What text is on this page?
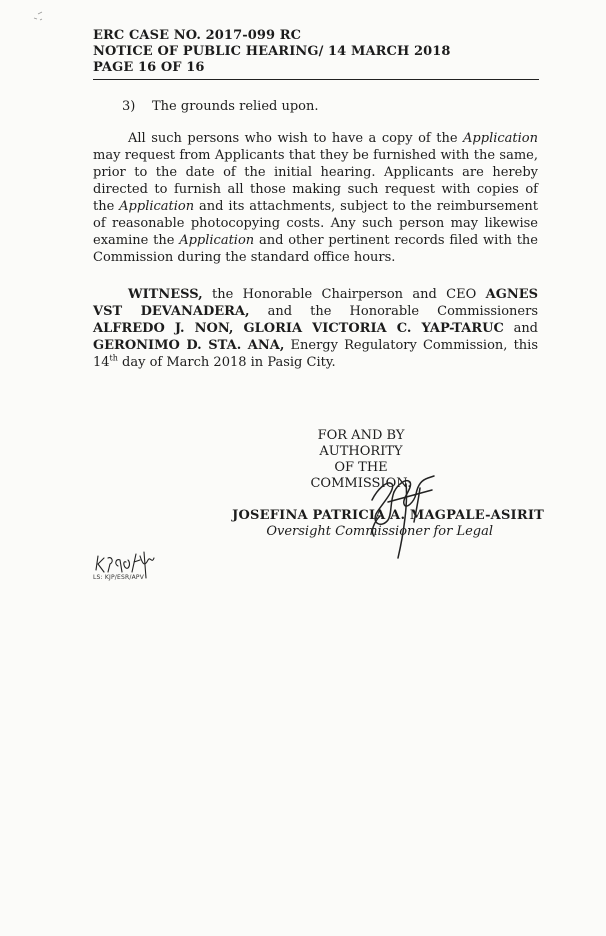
ERC CASE NO. 2017-099 RC
NOTICE OF PUBLIC HEARING/ 14 MARCH 2018
PAGE 16 OF 16
3) The grounds relied upon.
All such persons who wish to have a copy of the Application may request from Applicants that they be furnished with the same, prior to the date of the initial hearing. Applicants are hereby directed to furnish all those making such request with copies of the Application and its attachments, subject to the reimbursement of reasonable photocopying costs. Any such person may likewise examine the Application and other pertinent records filed with the Commission during the standard office hours.
WITNESS, the Honorable Chairperson and CEO AGNES VST DEVANADERA, and the Honorable Commissioners ALFREDO J. NON, GLORIA VICTORIA C. YAP-TARUC and GERONIMO D. STA. ANA, Energy Regulatory Commission, this 14th day of March 2018 in Pasig City.
FOR AND BY AUTHORITY
OF THE COMMISSION:
JOSEFINA PATRICIA A. MAGPALE-ASIRIT
Oversight Commissioner for Legal
LS: KJP/ESR/APV
